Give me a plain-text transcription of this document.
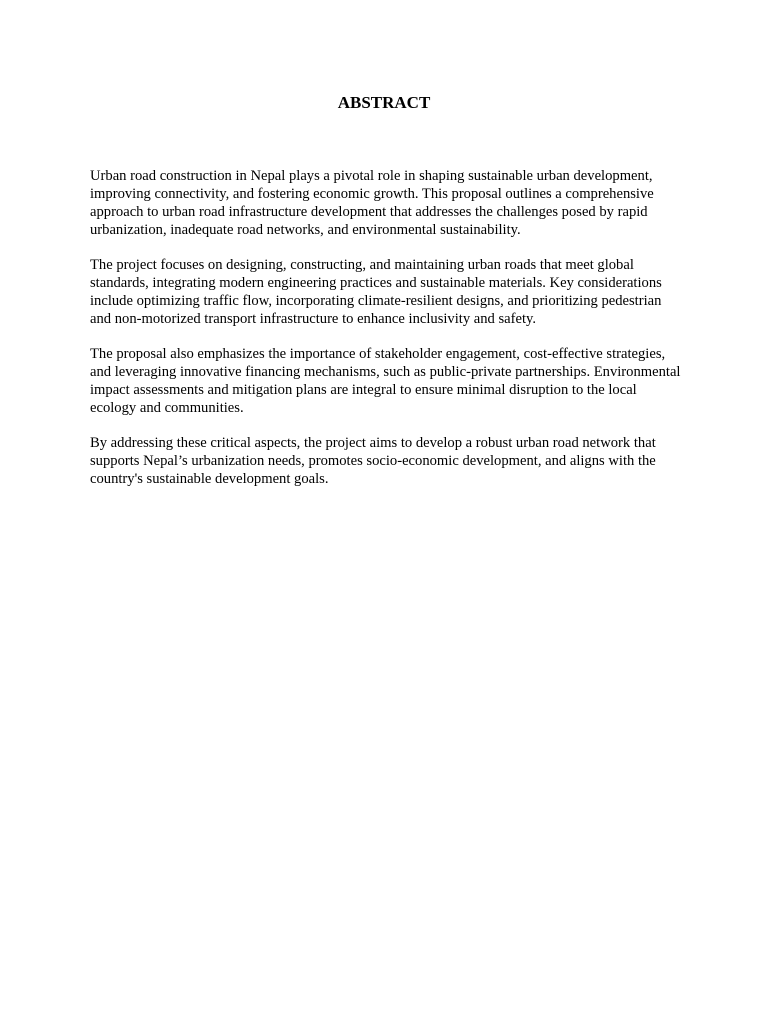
ABSTRACT

Urban road construction in Nepal plays a pivotal role in shaping sustainable urban development, improving connectivity, and fostering economic growth. This proposal outlines a comprehensive approach to urban road infrastructure development that addresses the challenges posed by rapid urbanization, inadequate road networks, and environmental sustainability.

The project focuses on designing, constructing, and maintaining urban roads that meet global standards, integrating modern engineering practices and sustainable materials. Key considerations include optimizing traffic flow, incorporating climate-resilient designs, and prioritizing pedestrian and non-motorized transport infrastructure to enhance inclusivity and safety.

The proposal also emphasizes the importance of stakeholder engagement, cost-effective strategies, and leveraging innovative financing mechanisms, such as public-private partnerships. Environmental impact assessments and mitigation plans are integral to ensure minimal disruption to the local ecology and communities.

By addressing these critical aspects, the project aims to develop a robust urban road network that supports Nepal’s urbanization needs, promotes socio-economic development, and aligns with the country's sustainable development goals.
